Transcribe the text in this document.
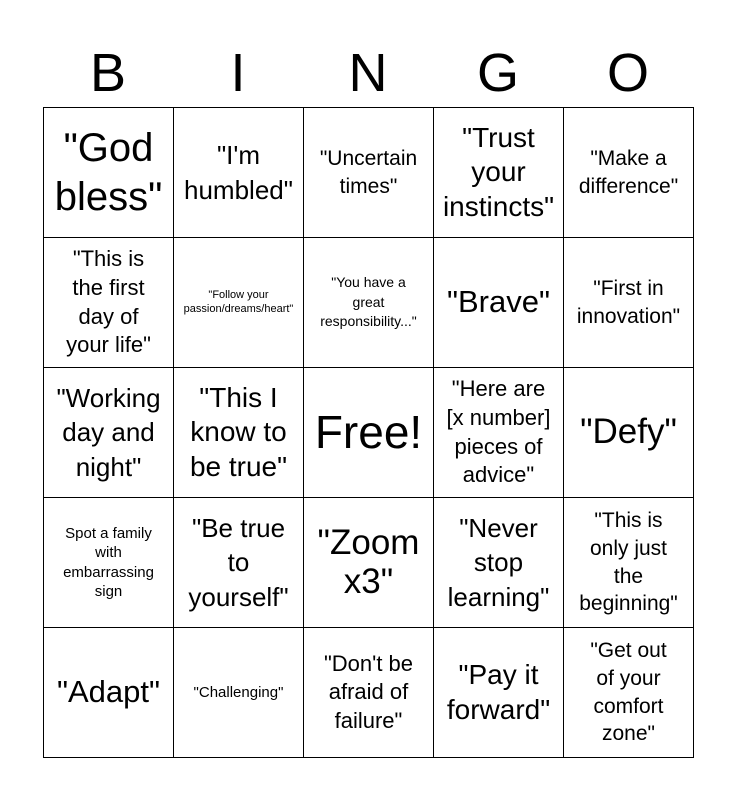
B	I	N	G	O
"God
bless"
"I'm
humbled"
"Uncertain
times"
"Trust
your
instincts"
"Make a
difference"
"This is
the first
day of
your life"
"Follow your
passion/dreams/heart"
"You have a
great
responsibility..."
"Brave"	"First in
innovation"
"Working
day and
night"
"This I
know to
be true"
Free!
"Here are
[x number]
pieces of
advice"
"Defy"
Spot a family
with
embarrassing
sign
"Be true
to
yourself"
"Zoom
x3"
"Never
stop
learning"
"This is
only just
the
beginning"
"Adapt" "Challenging"
"Don't be
afraid of
failure"
"Pay it
forward"
"Get out
of your
comfort
zone"
